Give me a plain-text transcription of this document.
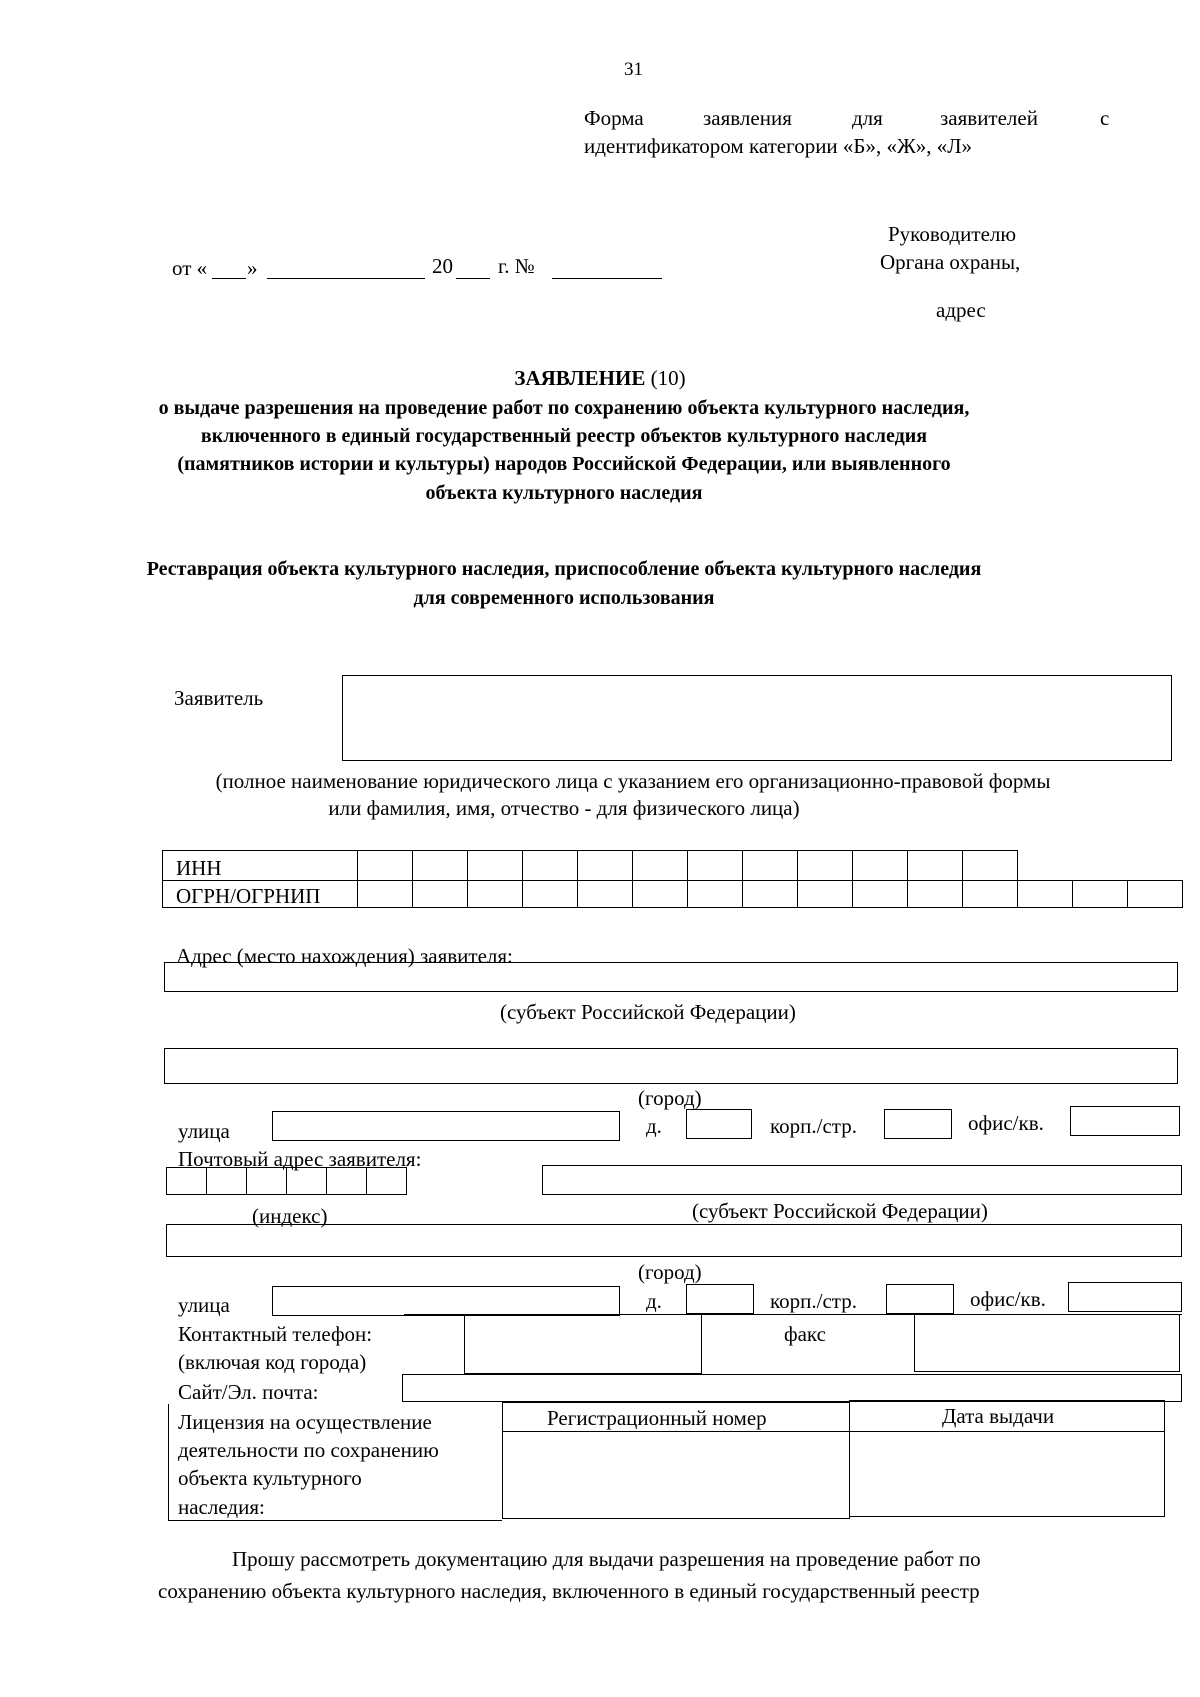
31
Форма	заявления	для	заявителей	с
идентификатором категории «Б», «Ж», «Л»
от « »	20 г. №
Руководителю
Органа охраны,
адрес
ЗАЯВЛЕНИЕ (10)
о выдаче разрешения на проведение работ по сохранению объекта культурного наследия,
включенного в единый государственный реестр объектов культурного наследия
(памятников истории и культуры) народов Российской Федерации, или выявленного
объекта культурного наследия
Реставрация объекта культурного наследия, приспособление объекта культурного наследия
для современного использования
Заявитель
(полное наименование юридического лица с указанием его организационно-правовой формы
или фамилия, имя, отчество - для физического лица)
ИНН
ОГРН/ОГРНИП
Адрес (место нахождения) заявителя:
(субъект Российской Федерации)
(город)
улица	д.	корп./стр.	офис/кв.
Почтовый адрес заявителя:
(индекс)	(субъект Российской Федерации)
(город)
улица	д.	корп./стр.	офис/кв.
Контактный телефон:
(включая код города)
факс
Сайт/Эл. почта:
Лицензия на осуществление
деятельности по сохранению
объекта культурного
наследия:
Регистрационный номер	Дата выдачи
Прошу рассмотреть документацию для выдачи разрешения на проведение работ по
сохранению объекта культурного наследия, включенного в единый государственный реестр
